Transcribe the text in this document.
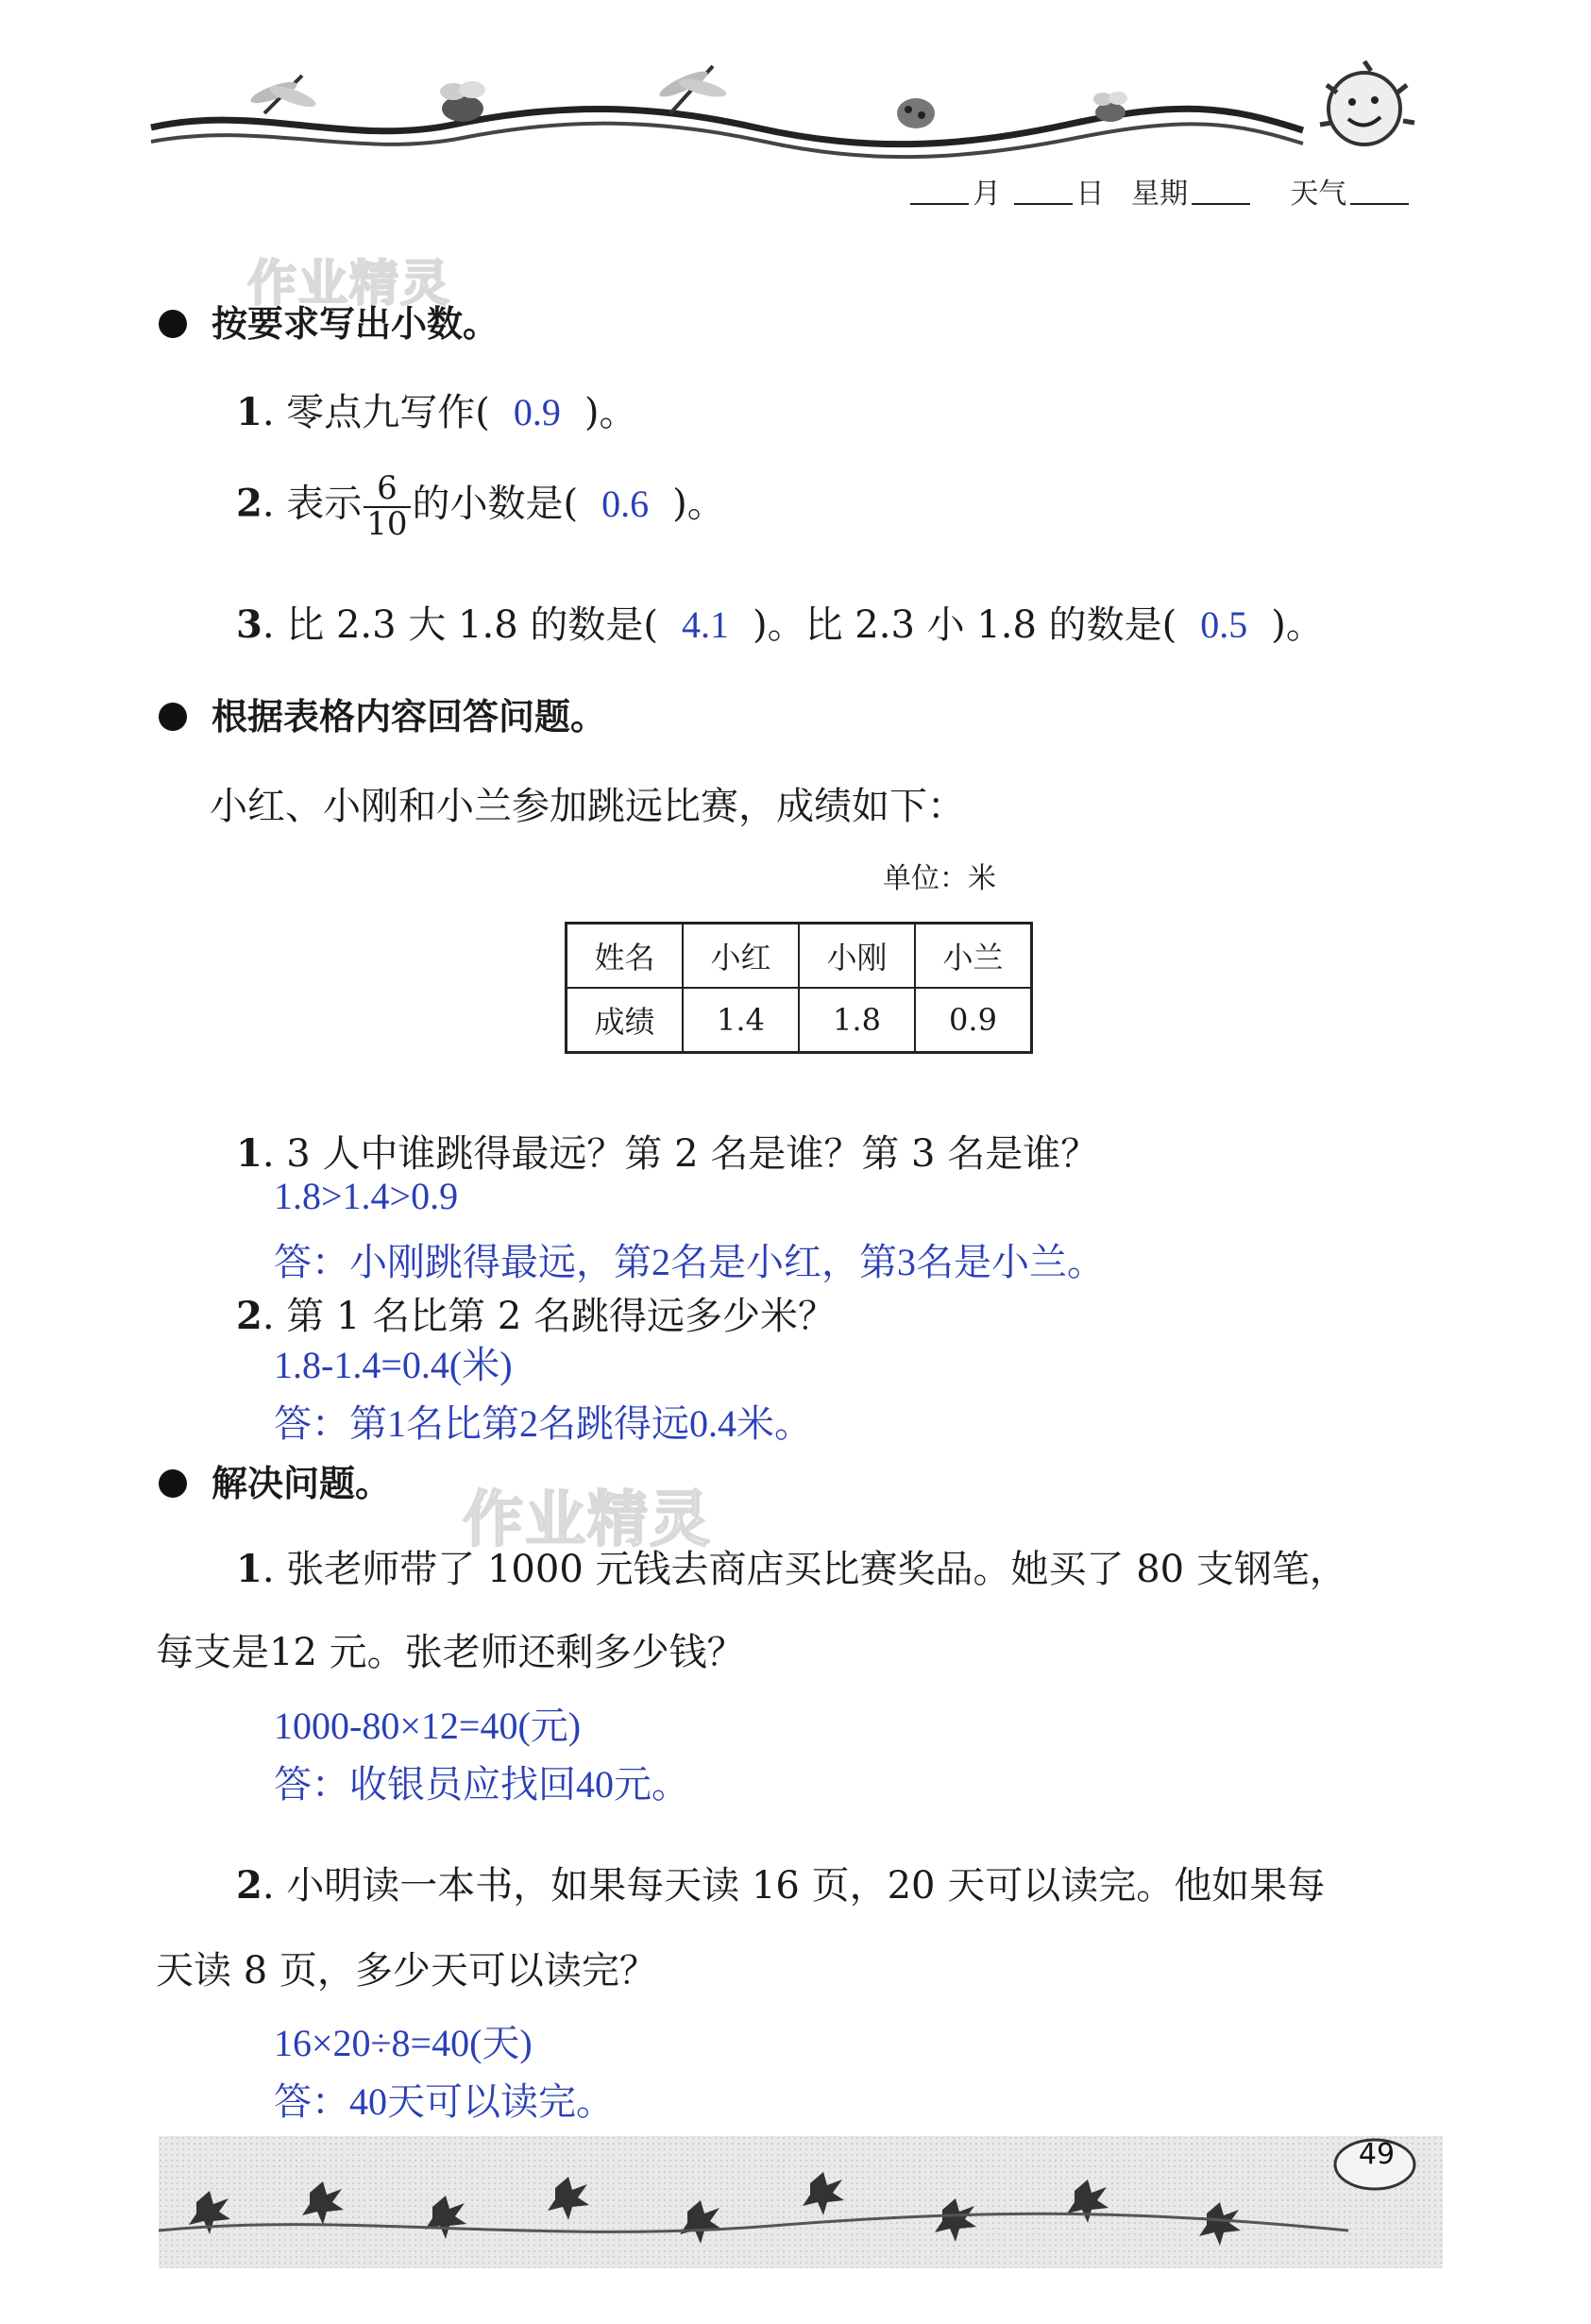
月	日 星期	天气
作业精灵
作业精灵
按要求写出小数。
1. 零点九写作( 0.9 )。
2. 表示 $\frac{6}{10}$ 的小数是( 0.6 )。
3. 比 2.3 大 1.8 的数是( 4.1 )。比 2.3 小 1.8 的数是( 0.5 )。
根据表格内容回答问题。
小红、小刚和小兰参加跳远比赛，成绩如下：
单位：米
姓名	小红	小刚	小兰
成绩	1.4	1.8	0.9
1. 3 人中谁跳得最远？第 2 名是谁？第 3 名是谁？
1.8>1.4>0.9
答：小刚跳得最远，第2名是小红，第3名是小兰。
2. 第 1 名比第 2 名跳得远多少米？
1.8-1.4=0.4(米)
答：第1名比第2名跳得远0.4米。
解决问题。
1. 张老师带了 1000 元钱去商店买比赛奖品。她买了 80 支钢笔，
每支是12 元。张老师还剩多少钱？
1000-80×12=40(元)
答：收银员应找回40元。
2. 小明读一本书，如果每天读 16 页，20 天可以读完。他如果每
天读 8 页，多少天可以读完？
16×20÷8=40(天)
答：40天可以读完。
49
